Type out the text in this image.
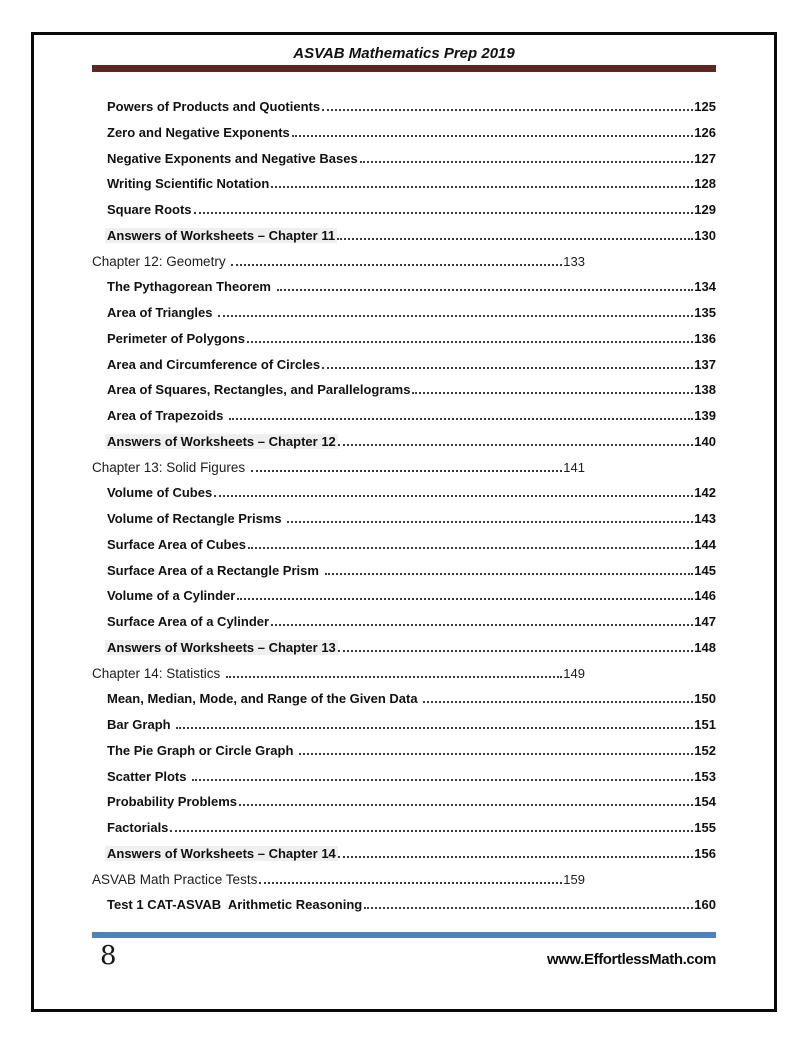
ASVAB Mathematics Prep 2019
Powers of Products and Quotients	125
Zero and Negative Exponents	126
Negative Exponents and Negative Bases	127
Writing Scientific Notation	128
Square Roots	129
Answers of Worksheets – Chapter 11	130
Chapter 12: Geometry	133
The Pythagorean Theorem	134
Area of Triangles	135
Perimeter of Polygons	136
Area and Circumference of Circles	137
Area of Squares, Rectangles, and Parallelograms	138
Area of Trapezoids	139
Answers of Worksheets – Chapter 12	140
Chapter 13: Solid Figures	141
Volume of Cubes	142
Volume of Rectangle Prisms	143
Surface Area of Cubes	144
Surface Area of a Rectangle Prism	145
Volume of a Cylinder	146
Surface Area of a Cylinder	147
Answers of Worksheets – Chapter 13	148
Chapter 14: Statistics	149
Mean, Median, Mode, and Range of the Given Data	150
Bar Graph	151
The Pie Graph or Circle Graph	152
Scatter Plots	153
Probability Problems	154
Factorials	155
Answers of Worksheets – Chapter 14	156
ASVAB Math Practice Tests	159
Test 1 CAT-ASVAB  Arithmetic Reasoning	160
8	www.EffortlessMath.com
